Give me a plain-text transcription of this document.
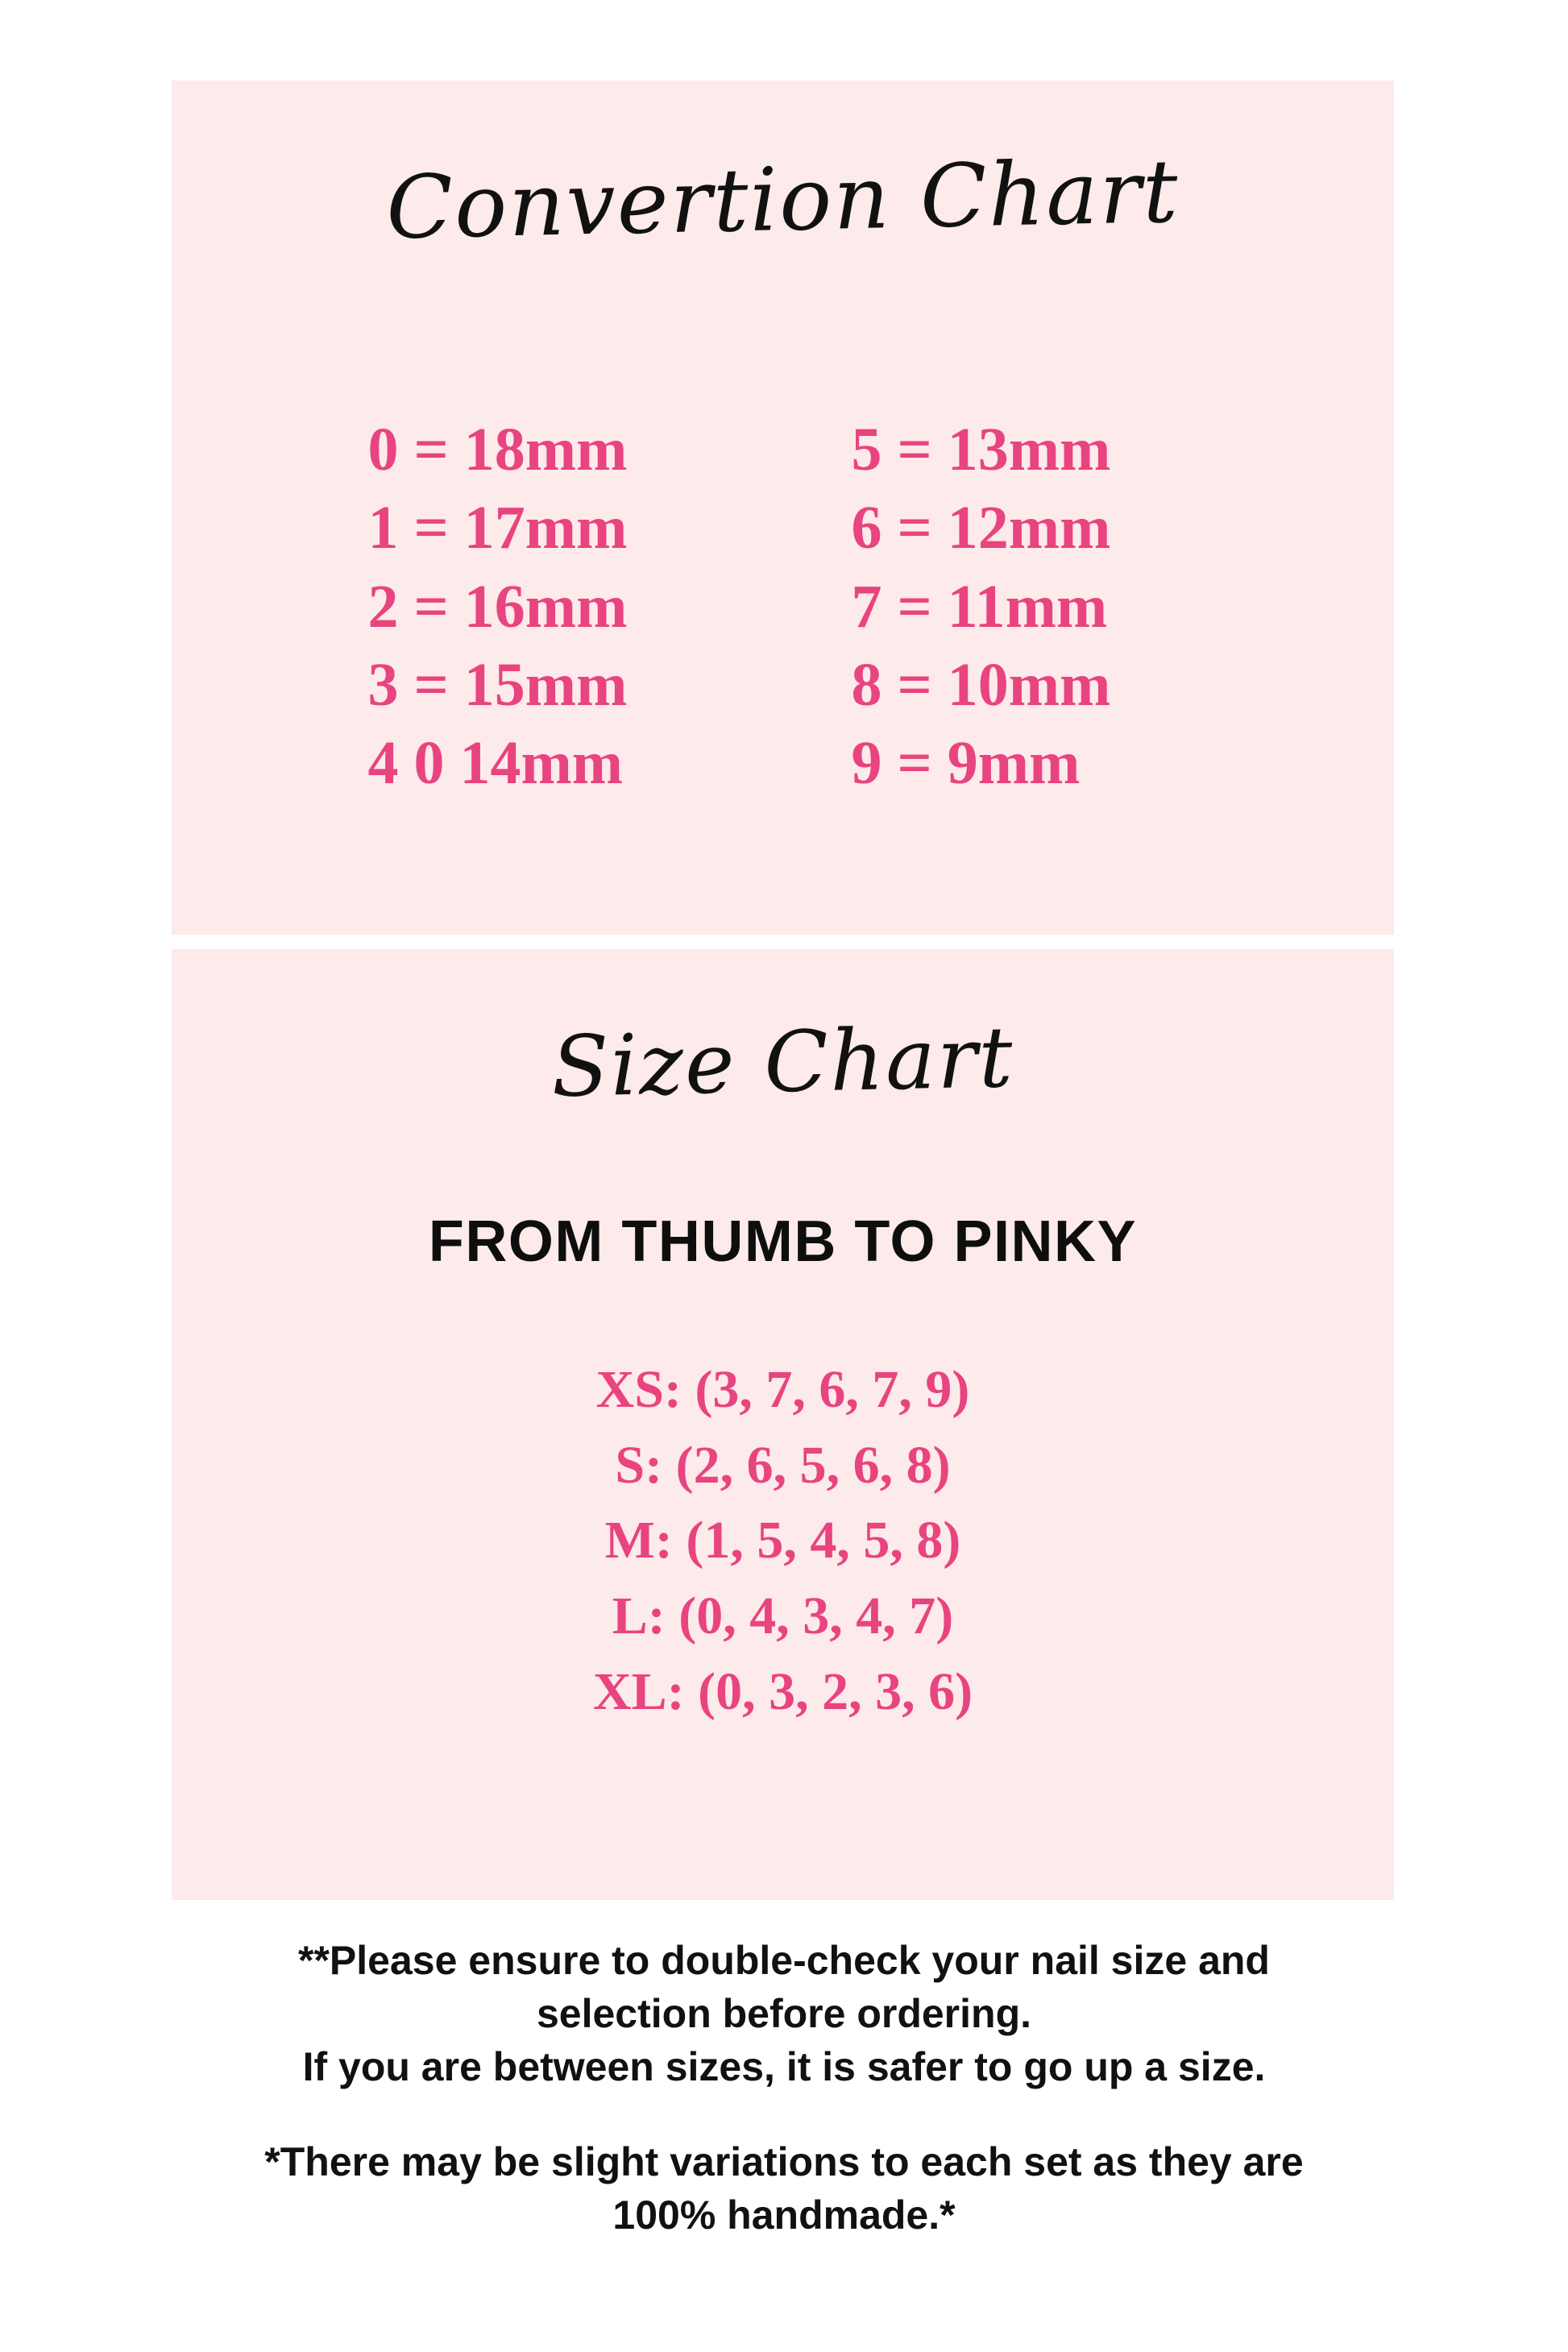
Convertion Chart
0 = 18mm
1 = 17mm
2 = 16mm
3 = 15mm
4 0 14mm
5 = 13mm
6 = 12mm
7 = 11mm
8 = 10mm
9 = 9mm
Size Chart
FROM THUMB TO PINKY
XS: (3, 7, 6, 7, 9)
S: (2, 6, 5, 6, 8)
M: (1, 5, 4, 5, 8)
L: (0, 4, 3, 4, 7)
XL: (0, 3, 2, 3, 6)
**Please ensure to double-check your nail size and
selection before ordering.
If you are between sizes, it is safer to go up a size.
*There may be slight variations to each set as they are
100% handmade.*
